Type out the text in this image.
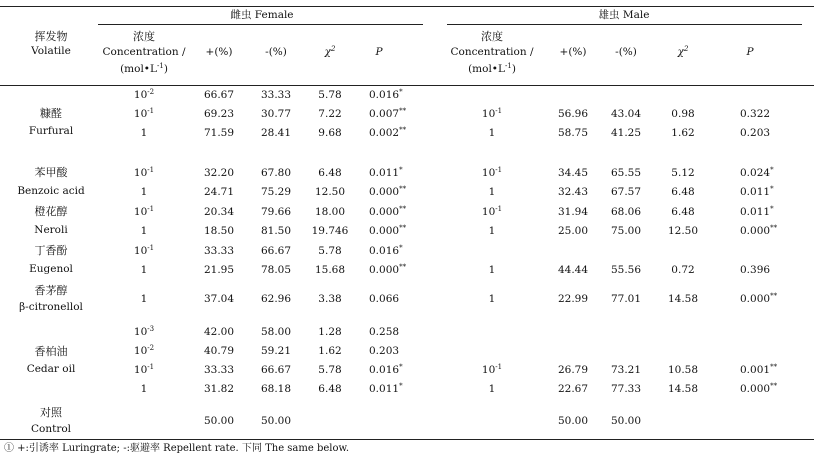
雌虫 Female	雄虫 Male
挥发物
Volatile
浓度
Concentration /
$(mol•L^{-1})$
+(%)	-(%)	$\chi^2$	P
浓度
Concentration /
$(mol•L^{-1})$
+(%)	-(%)	$\chi^2$	P
糠醛
Furfural
$10^{-2}$	66.67	33.33	5.78	0.016*
$10^{-1}$	69.23	30.77	7.22	0.007**	$10^{-1}$	56.96 43.04	0.98	0.322
1	71.59	28.41	9.68	0.002**	1	58.75 41.25	1.62	0.203
苯甲酸
Benzoic acid
$10^{-1}$	32.20	67.80	6.48	0.011*	$10^{-1}$	34.45 65.55	5.12	0.024*
1	24.71	75.29 12.50 0.000**	1	32.43 67.57	6.48	0.011*
橙花醇
Neroli
$10^{-1}$	20.34	79.66 18.00 0.000**	$10^{-1}$	31.94 68.06	6.48	0.011*
1	18.50	81.50 19.746 0.000**	1	25.00 75.00	12.50	0.000**
丁香酚
Eugenol
$10^{-1}$	33.33	66.67	5.78	0.016*
1	21.95	78.05 15.68 0.000**	1	44.44 55.56	0.72	0.396
香茅醇
β-citronellol
1	37.04	62.96	3.38	0.066	1	22.99 77.01	14.58	0.000**
香柏油
Cedar oil
$10^{-3}$	42.00	58.00	1.28	0.258
$10^{-2}$	40.79	59.21	1.62	0.203
$10^{-1}$	33.33	66.67	5.78	0.016*	$10^{-1}$	26.79 73.21	10.58	0.001**
1	31.82	68.18	6.48	0.011*	1	22.67 77.33	14.58	0.000**
对照
Control
50.00	50.00	50.00 50.00
① +:引诱率 Luringrate; -:驱避率 Repellent rate. 下同 The same below.
